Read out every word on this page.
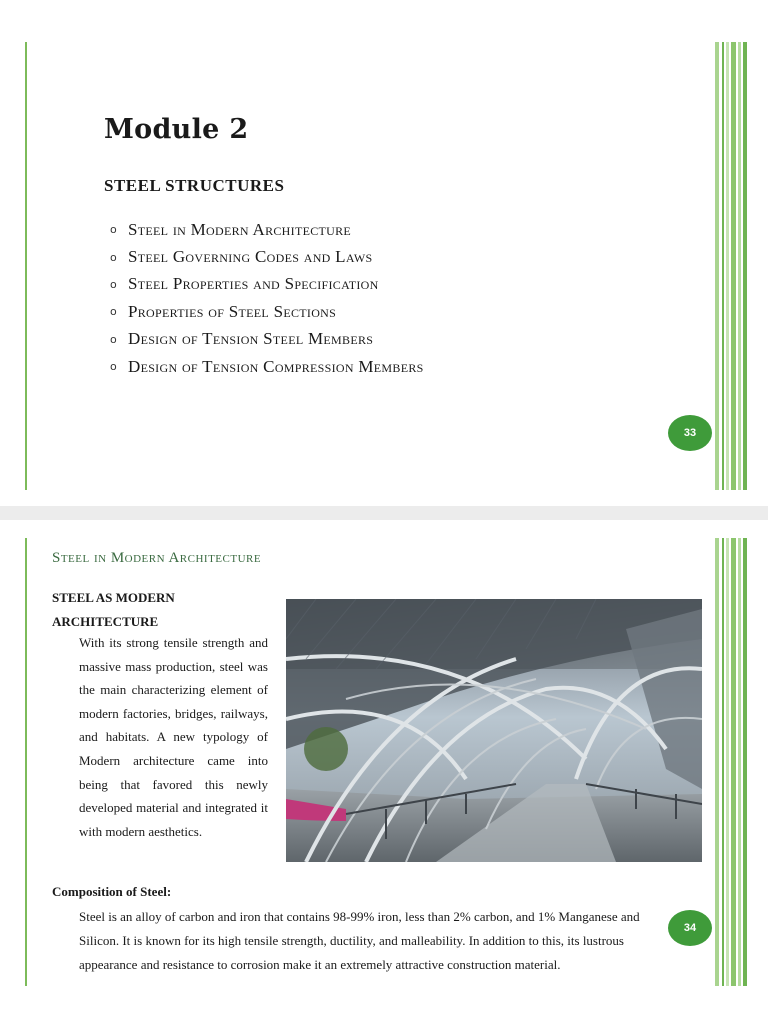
Module 2
STEEL STRUCTURES
o Steel in Modern Architecture
o Steel Governing Codes and Laws
o Steel Properties and Specification
o Properties of Steel Sections
o Design of Tension Steel Members
o Design of Tension Compression Members
33
Steel in Modern Architecture
STEEL AS MODERN ARCHITECTURE

With its strong tensile strength and massive mass production, steel was the main characterizing element of modern factories, bridges, railways, and habitats. A new typology of Modern architecture came into being that favored this newly developed material and integrated it with modern aesthetics.

Composition of Steel:

Steel is an alloy of carbon and iron that contains 98-99% iron, less than 2% carbon, and 1% Manganese and Silicon. It is known for its high tensile strength, ductility, and malleability. In addition to this, its lustrous appearance and resistance to corrosion make it an extremely attractive construction material.

34
